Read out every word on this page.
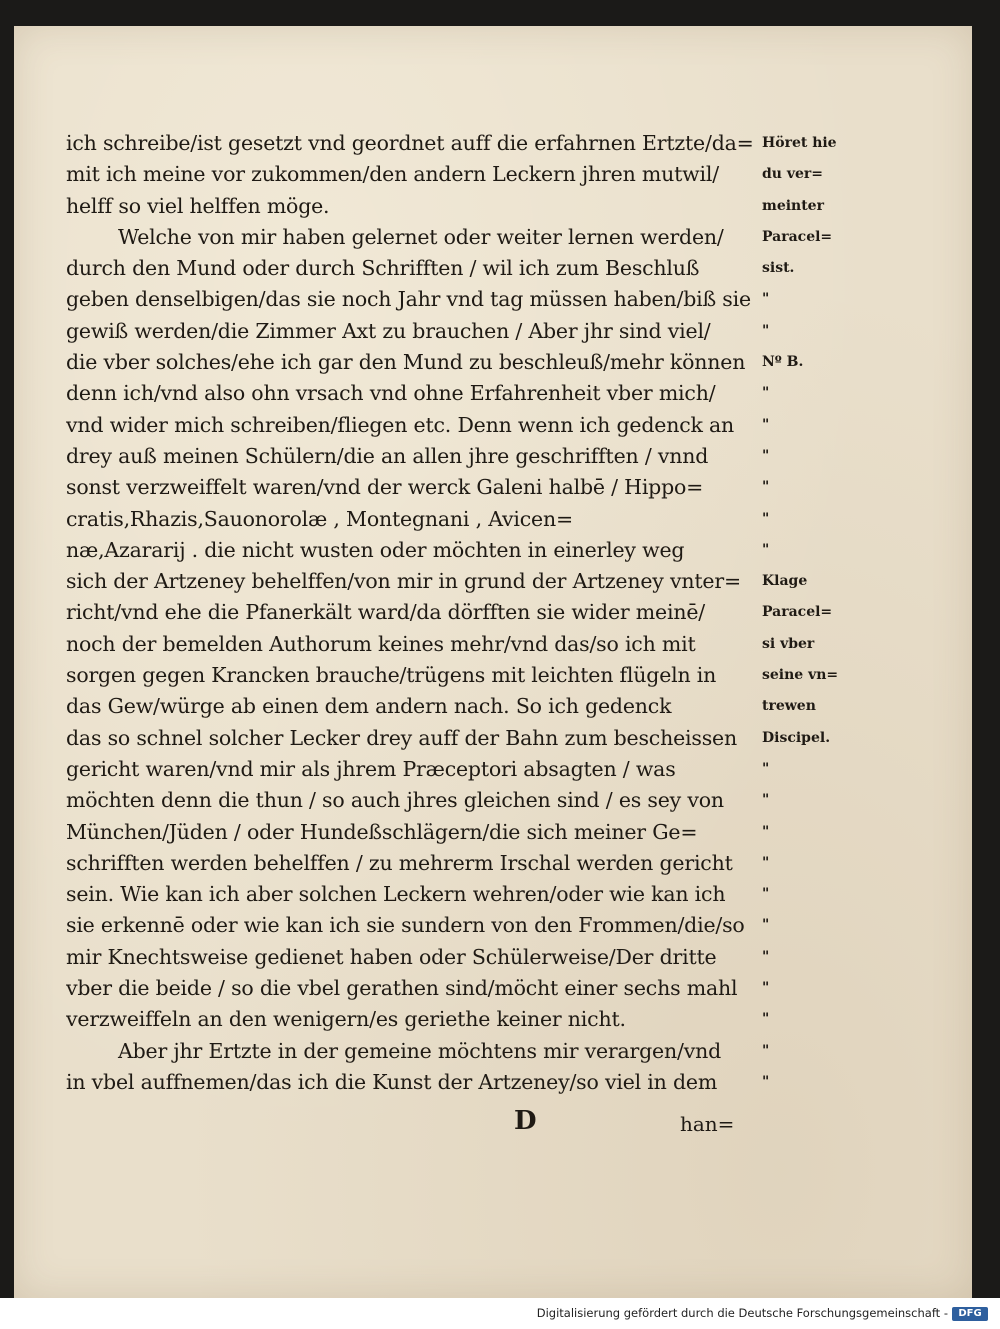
ich schreibe/ist gesetzt vnd geordnet auff die erfahrnen Ertzte/da=
mit ich meine vor zukommen/den andern Leckern jhren mutwil/
helff so viel helffen möge.
Welche von mir haben gelernet oder weiter lernen werden/
durch den Mund oder durch Schrifften / wil ich zum Beschluß
geben denselbigen/das sie noch Jahr vnd tag müssen haben/biß sie
gewiß werden/die Zimmer Axt zu brauchen / Aber jhr sind viel/
die vber solches/ehe ich gar den Mund zu beschleuß/mehr können
denn ich/vnd also ohn vrsach vnd ohne Erfahrenheit vber mich/
vnd wider mich schreiben/fliegen etc. Denn wenn ich gedenck an
drey auß meinen Schülern/die an allen jhre geschrifften / vnnd
sonst verzweiffelt waren/vnd der werck Galeni halbē / Hippo=
cratis,Rhazis,Sauonorolæ , Montegnani , Avicen=
næ,Azararij . die nicht wusten oder möchten in einerley weg
sich der Artzeney behelffen/von mir in grund der Artzeney vnter=
richt/vnd ehe die Pfanerkält ward/da dörfften sie wider meinē/
noch der bemelden Authorum keines mehr/vnd das/so ich mit
sorgen gegen Krancken brauche/trügens mit leichten flügeln in
das Gew/würge ab einen dem andern nach. So ich gedenck
das so schnel solcher Lecker drey auff der Bahn zum bescheissen
gericht waren/vnd mir als jhrem Præceptori absagten / was
möchten denn die thun / so auch jhres gleichen sind / es sey von
München/Jüden / oder Hundeßschlägern/die sich meiner Ge=
schrifften werden behelffen / zu mehrerm Irschal werden gericht
sein. Wie kan ich aber solchen Leckern wehren/oder wie kan ich
sie erkennē oder wie kan ich sie sundern von den Frommen/die/so
mir Knechtsweise gedienet haben oder Schülerweise/Der dritte
vber die beide / so die vbel gerathen sind/möcht einer sechs mahl
verzweiffeln an den wenigern/es geriethe keiner nicht.
Aber jhr Ertzte in der gemeine möchtens mir verargen/vnd
in vbel auffnemen/das ich die Kunst der Artzeney/so viel in dem
Höret hie
du ver=
meinter
Paracel=
sist.
"
"
Nº B.
"
"
"
"
"
"
Klage
Paracel=
si vber
seine vn=
trewen
Discipel.
"
"
"
"
"
"
"
"
"
"
"
D	han=
Digitalisierung gefördert durch die Deutsche Forschungsgemeinschaft -	DFG
